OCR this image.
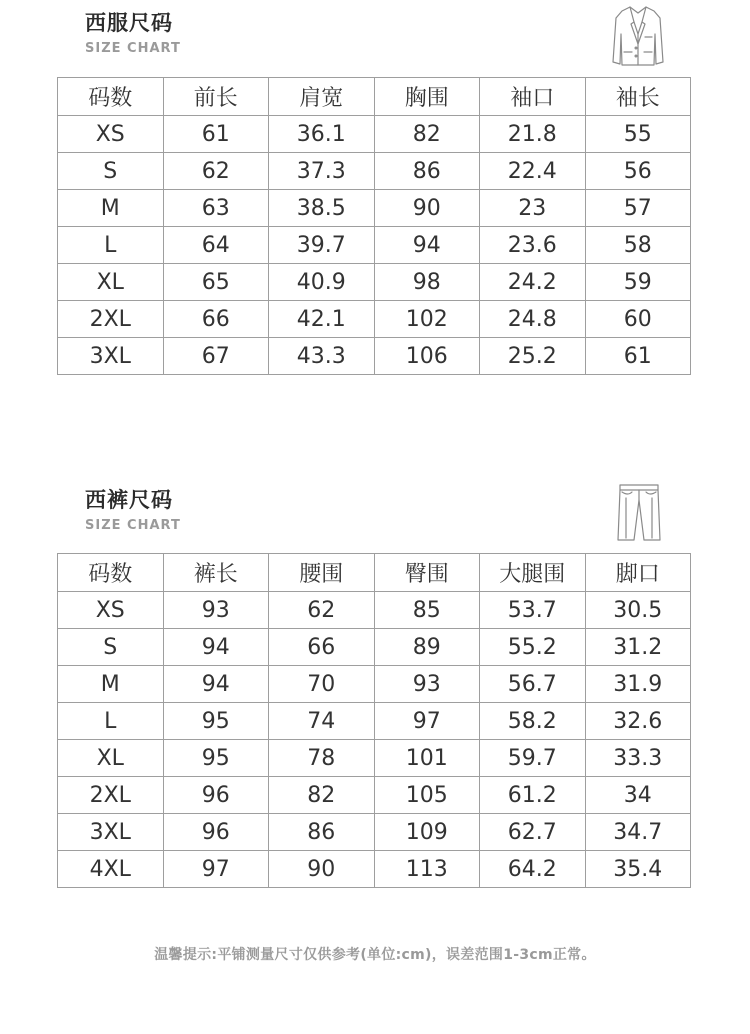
西服尺码
SIZE CHART
码数	前长	肩宽	胸围	袖口	袖长
XS	61	36.1	82	21.8	55
S	62	37.3	86	22.4	56
M	63	38.5	90	23	57
L	64	39.7	94	23.6	58
XL	65	40.9	98	24.2	59
2XL	66	42.1	102	24.8	60
3XL	67	43.3	106	25.2	61
西裤尺码
SIZE CHART
码数	裤长	腰围	臀围	大腿围	脚口
XS	93	62	85	53.7	30.5
S	94	66	89	55.2	31.2
M	94	70	93	56.7	31.9
L	95	74	97	58.2	32.6
XL	95	78	101	59.7	33.3
2XL	96	82	105	61.2	34
3XL	96	86	109	62.7	34.7
4XL	97	90	113	64.2	35.4
温馨提示:平铺测量尺寸仅供参考(单位:cm)，误差范围1-3cm正常。
